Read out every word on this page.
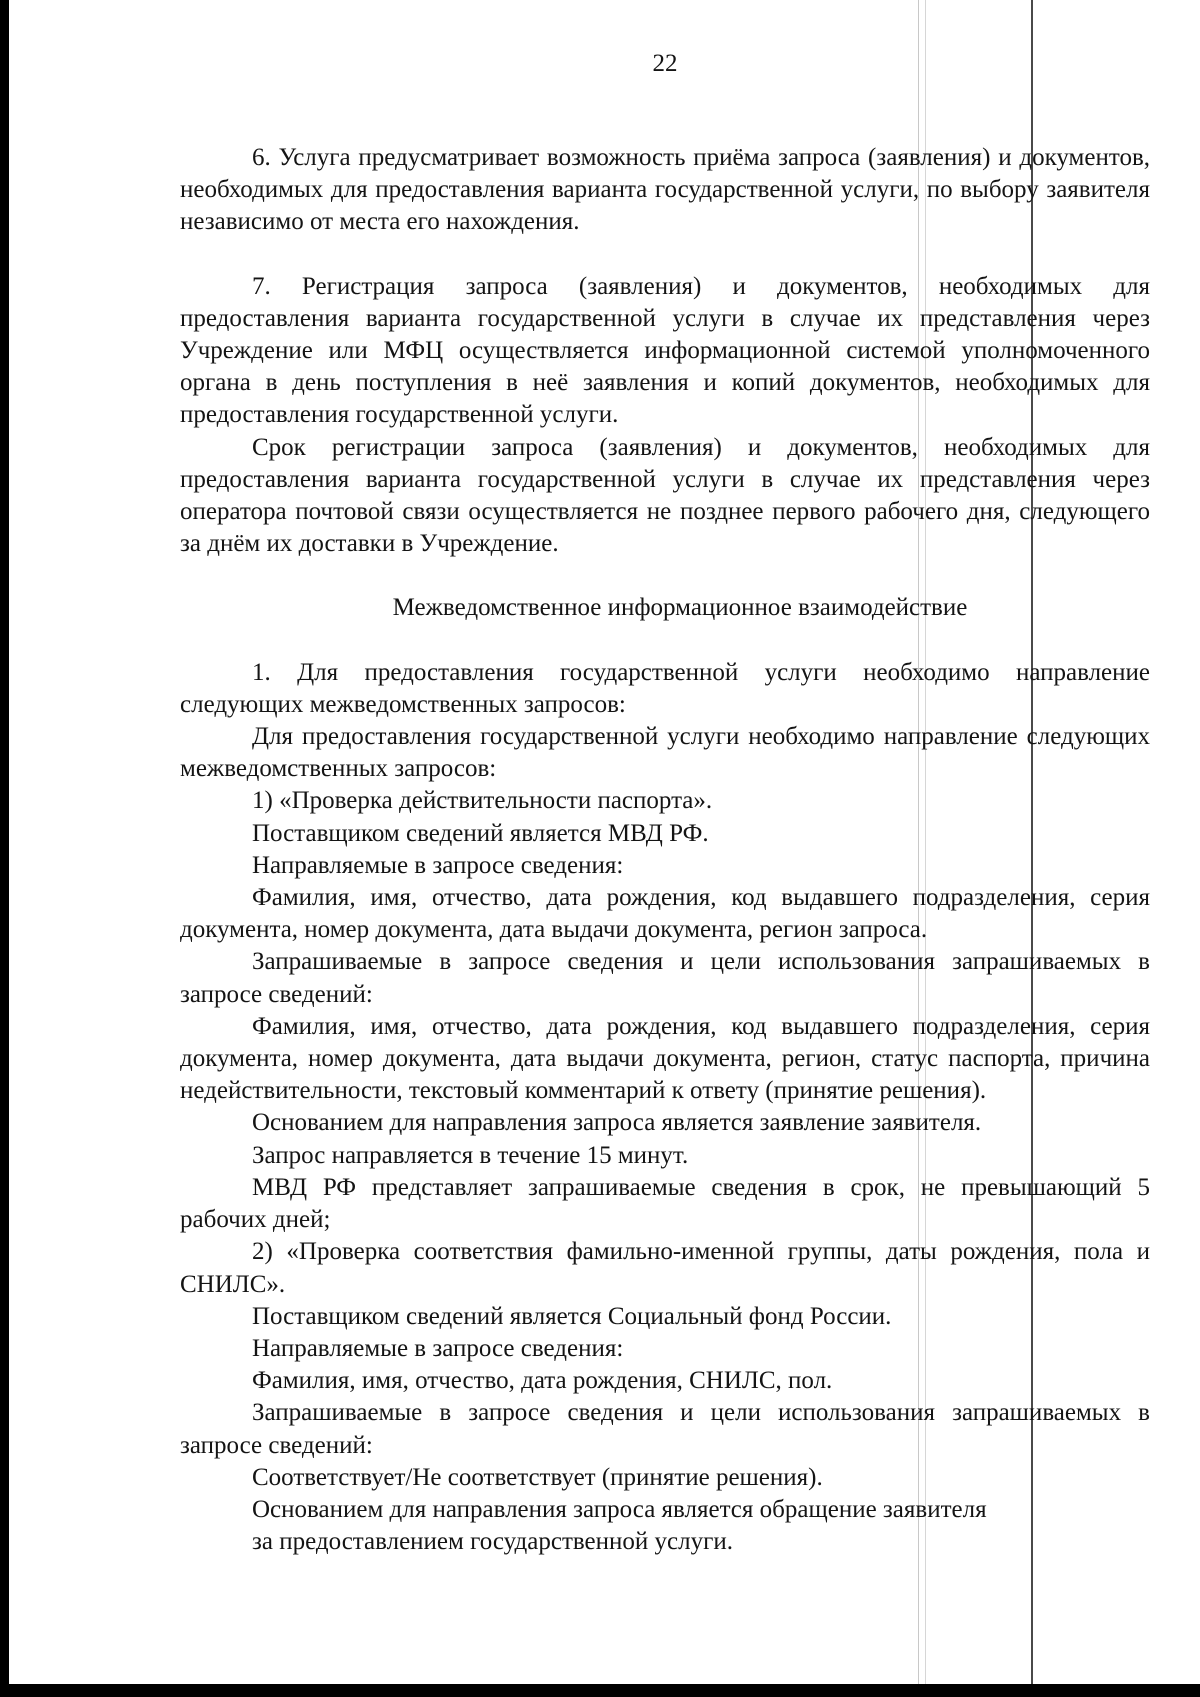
22

6. Услуга предусматривает возможность приёма запроса (заявления) и документов, необходимых для предоставления варианта государственной услуги, по выбору заявителя независимо от места его нахождения.

7. Регистрация запроса (заявления) и документов, необходимых для предоставления варианта государственной услуги в случае их представления через Учреждение или МФЦ осуществляется информационной системой уполномоченного органа в день поступления в неё заявления и копий документов, необходимых для предоставления государственной услуги.

Срок регистрации запроса (заявления) и документов, необходимых для предоставления варианта государственной услуги в случае их представления через оператора почтовой связи осуществляется не позднее первого рабочего дня, следующего за днём их доставки в Учреждение.

Межведомственное информационное взаимодействие

1. Для предоставления государственной услуги необходимо направление следующих межведомственных запросов:

Для предоставления государственной услуги необходимо направление следующих межведомственных запросов:

1) «Проверка действительности паспорта».

Поставщиком сведений является МВД РФ.

Направляемые в запросе сведения:

Фамилия, имя, отчество, дата рождения, код выдавшего подразделения, серия документа, номер документа, дата выдачи документа, регион запроса.

Запрашиваемые в запросе сведения и цели использования запрашиваемых в запросе сведений:

Фамилия, имя, отчество, дата рождения, код выдавшего подразделения, серия документа, номер документа, дата выдачи документа, регион, статус паспорта, причина недействительности, текстовый комментарий к ответу (принятие решения).

Основанием для направления запроса является заявление заявителя.

Запрос направляется в течение 15 минут.

МВД РФ представляет запрашиваемые сведения в срок, не превышающий 5 рабочих дней;

2) «Проверка соответствия фамильно-именной группы, даты рождения, пола и СНИЛС».

Поставщиком сведений является Социальный фонд России.

Направляемые в запросе сведения:

Фамилия, имя, отчество, дата рождения, СНИЛС, пол.

Запрашиваемые в запросе сведения и цели использования запрашиваемых в запросе сведений:

Соответствует/Не соответствует (принятие решения).

Основанием для направления запроса является обращение заявителя

за предоставлением государственной услуги.
